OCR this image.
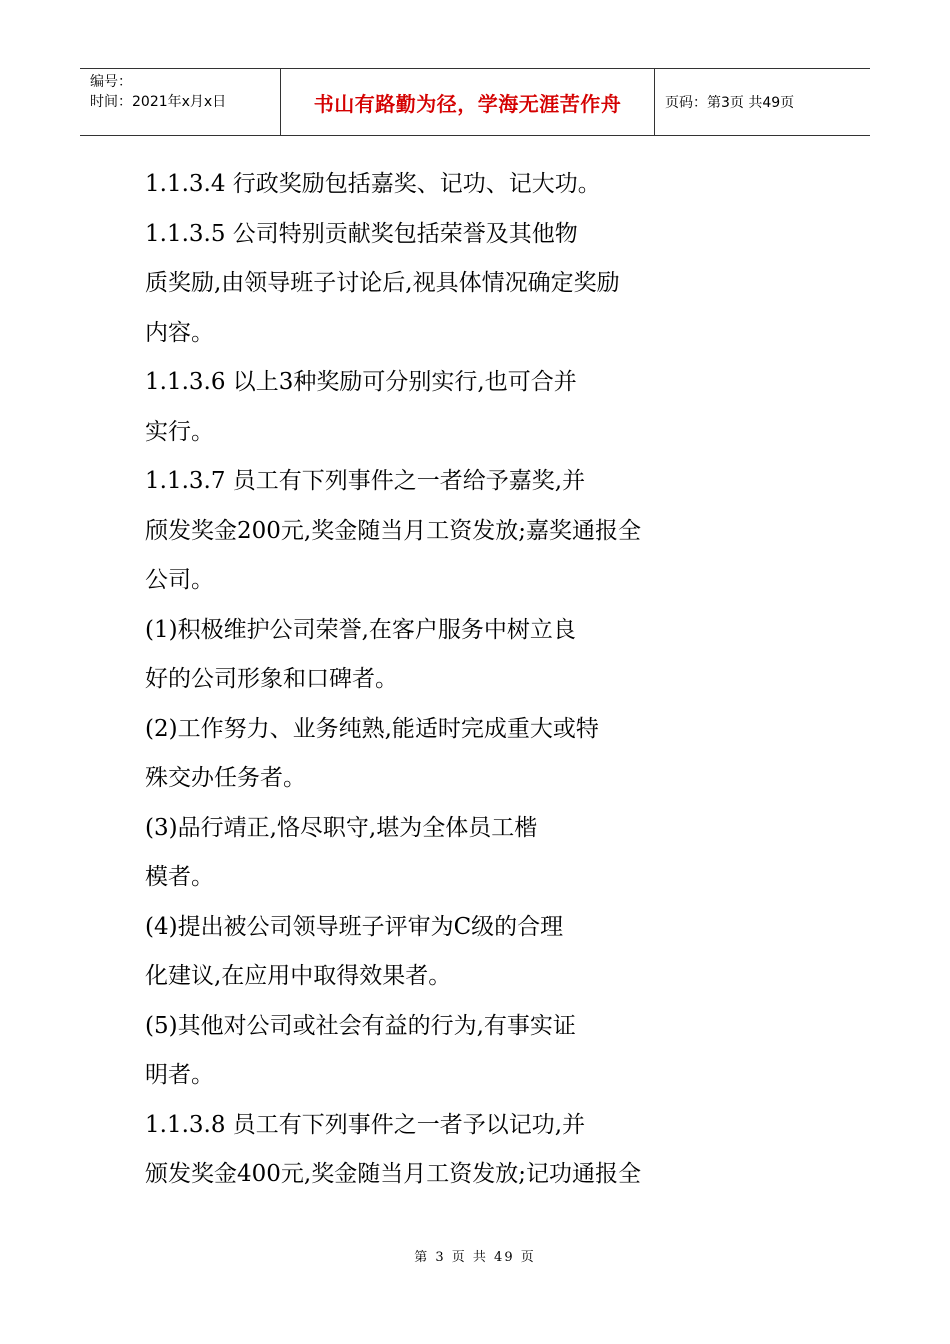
编号：
时间：2021年x月x日	书山有路勤为径，学海无涯苦作舟	页码：第3页 共49页
1.1.3.4 行政奖励包括嘉奖、记功、记大功。
1.1.3.5 公司特别贡献奖包括荣誉及其他物
质奖励,由领导班子讨论后,视具体情况确定奖励
内容。
1.1.3.6 以上3种奖励可分别实行,也可合并
实行。
1.1.3.7 员工有下列事件之一者给予嘉奖,并
颀发奖金200元,奖金随当月工资发放;嘉奖通报全
公司。
(1)积极维护公司荣誉,在客户服务中树立良
好的公司形象和口碑者。
(2)工作努力、业务纯熟,能适时完成重大或特
殊交办任务者。
(3)品行靖正,恪尽职守,堪为全体员工楷
模者。
(4)提出被公司领导班子评审为C级的合理
化建议,在应用中取得效果者。
(5)其他对公司或社会有益的行为,有事实证
明者。
1.1.3.8 员工有下列事件之一者予以记功,并
颁发奖金400元,奖金随当月工资发放;记功通报全
第 3 页 共 49 页
